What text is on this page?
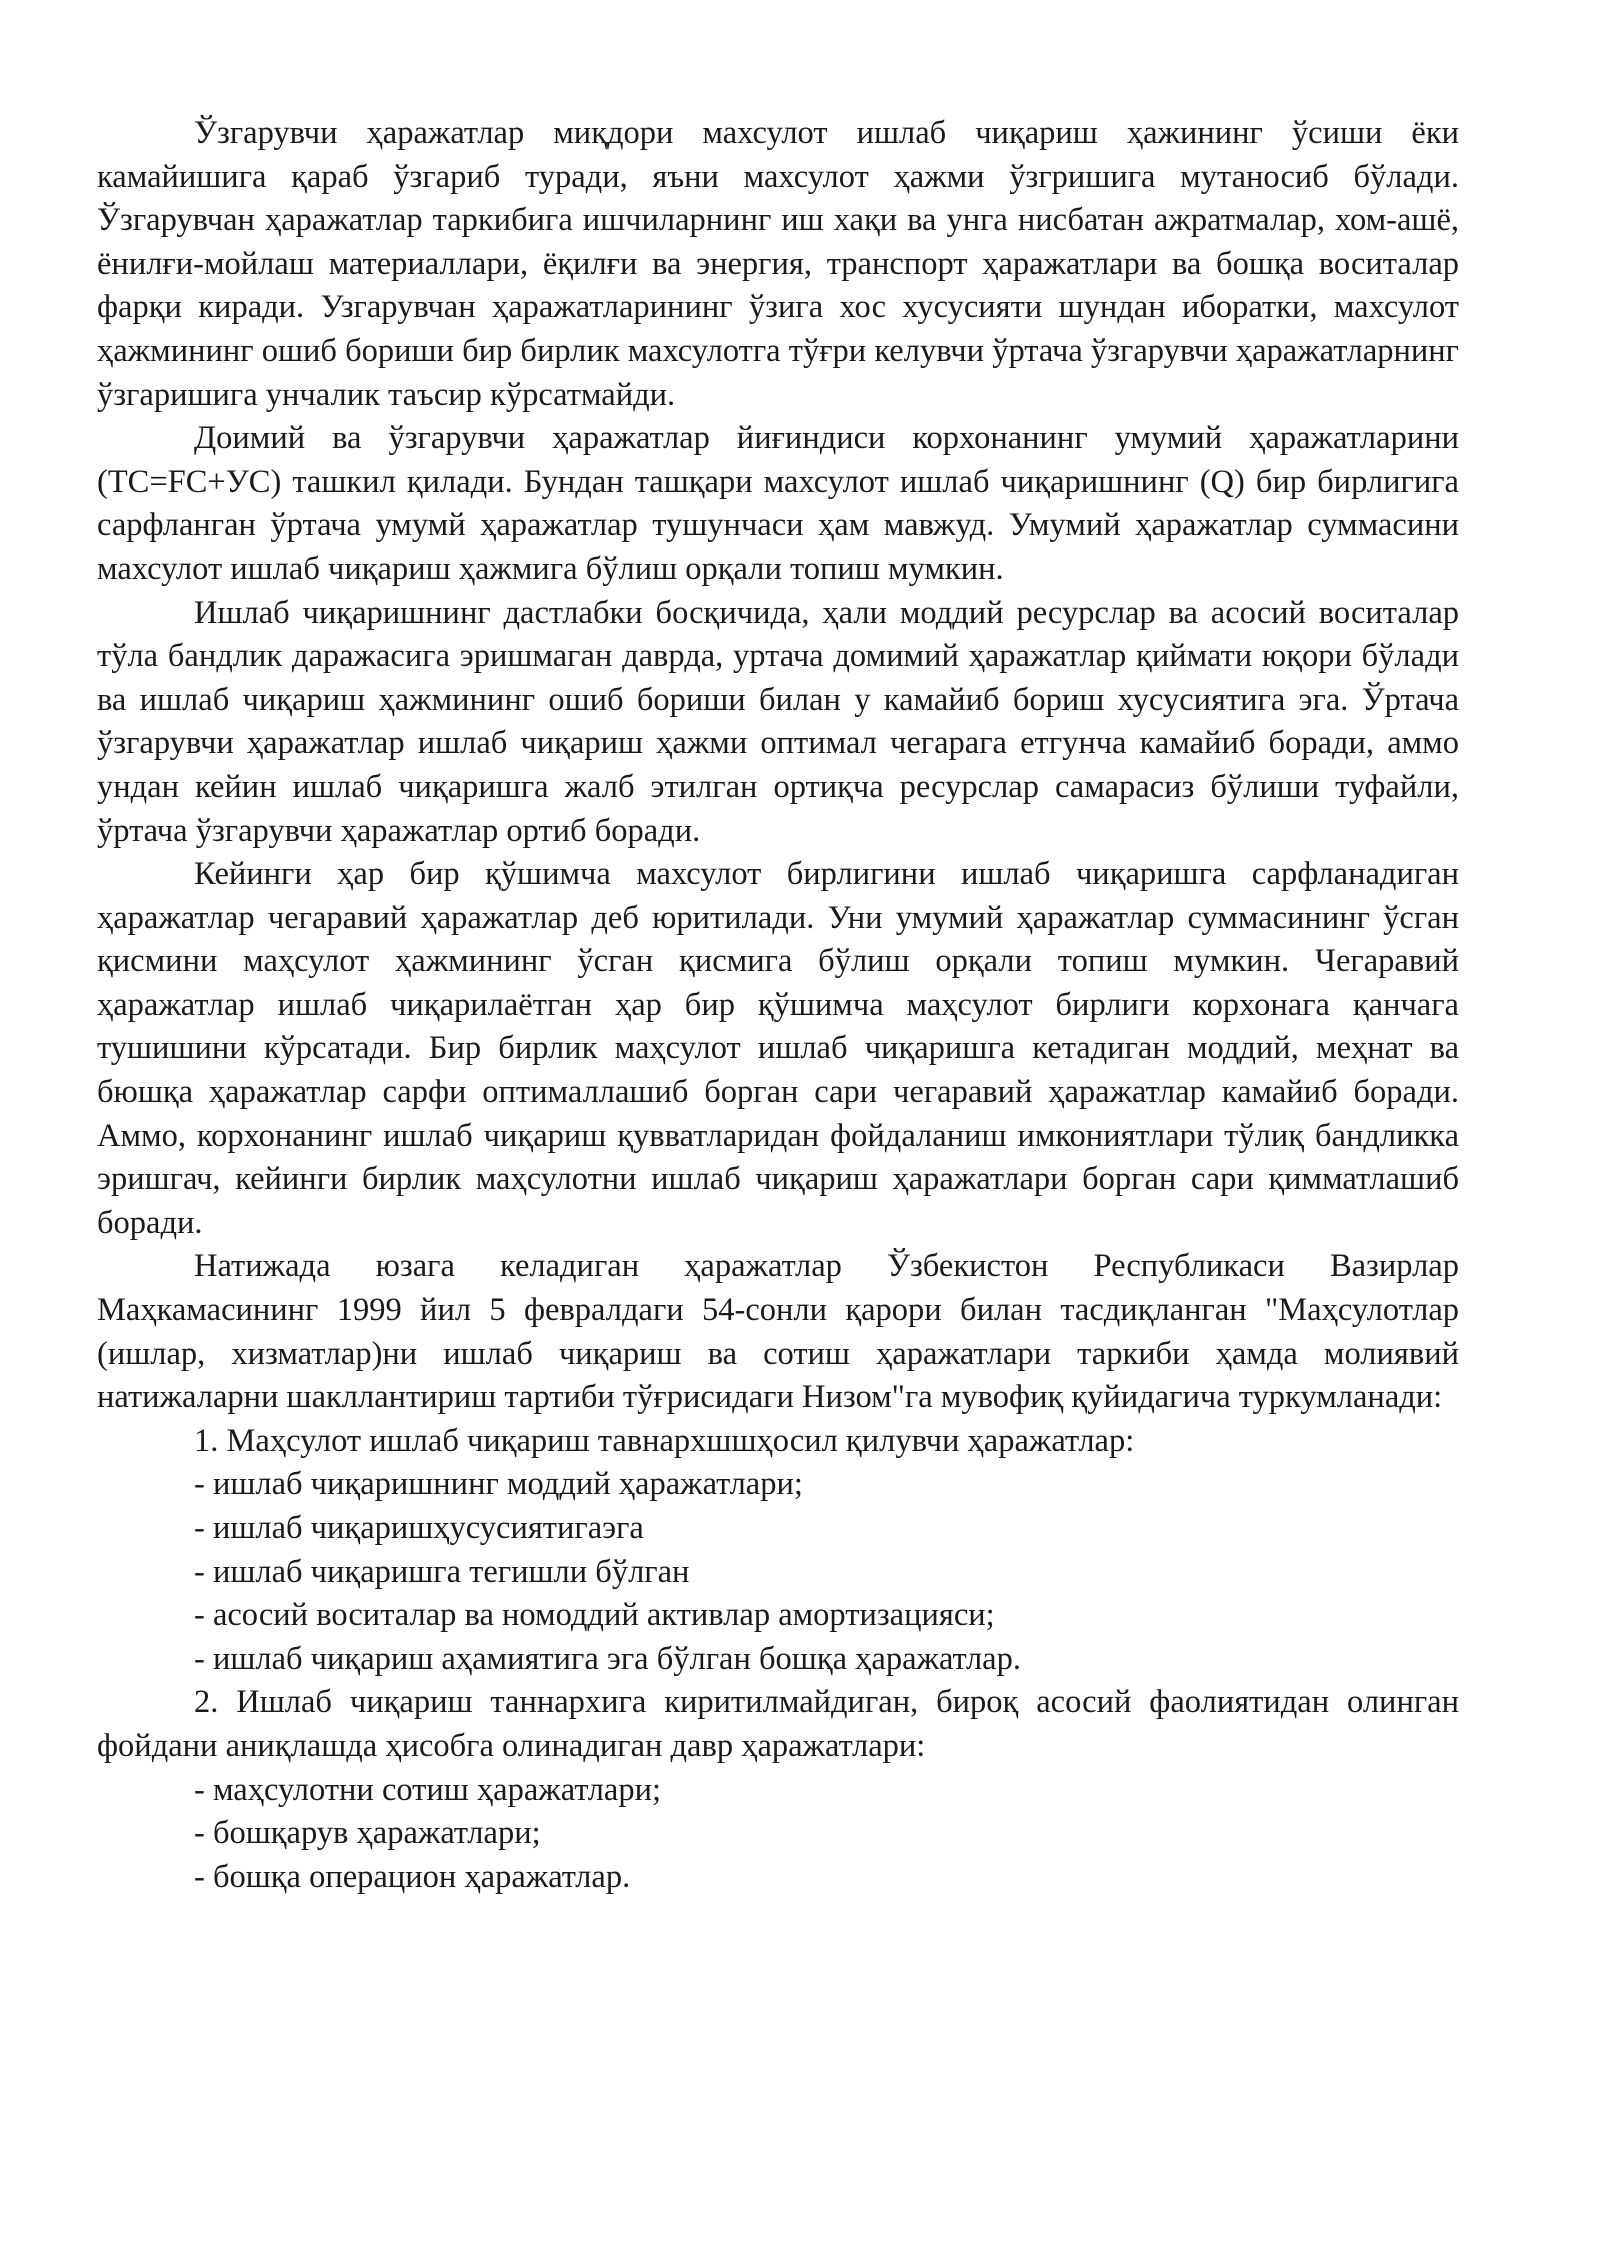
Ўзгарувчи ҳаражатлар миқдори махсулот ишлаб чиқариш ҳажининг ўсиши ёки камайишига қараб ўзгариб туради, яъни махсулот ҳажми ўзгришига мутаносиб бўлади. Ўзгарувчан ҳаражатлар таркибига ишчиларнинг иш хақи ва унга нисбатан ажратмалар, хом-ашё, ёнилғи-мойлаш материаллари, ёқилғи ва энергия, транспорт ҳаражатлари ва бошқа воситалар фарқи киради. Узгарувчан ҳаражатларининг ўзига хос хусусияти шундан иборатки, махсулот ҳажмининг ошиб бориши бир бирлик махсулотга тўғри келувчи ўртача ўзгарувчи ҳаражатларнинг ўзгаришига унчалик таъсир кўрсатмайди.

Доимий ва ўзгарувчи ҳаражатлар йиғиндиси корхонанинг умумий ҳаражатларини (TC=FC+УС) ташкил қилади. Бундан ташқари махсулот ишлаб чиқаришнинг (Q) бир бирлигига сарфланган ўртача умумй ҳаражатлар тушунчаси ҳам мавжуд. Умумий ҳаражатлар суммасини махсулот ишлаб чиқариш ҳажмига бўлиш орқали топиш мумкин.

Ишлаб чиқаришнинг дастлабки босқичида, ҳали моддий ресурслар ва асосий воситалар тўла бандлик даражасига эришмаган даврда, уртача домимий ҳаражатлар қиймати юқори бўлади ва ишлаб чиқариш ҳажмининг ошиб бориши билан у камайиб бориш хусусиятига эга. Ўртача ўзгарувчи ҳаражатлар ишлаб чиқариш ҳажми оптимал чегарага етгунча камайиб боради, аммо ундан кейин ишлаб чиқаришга жалб этилган ортиқча ресурслар самарасиз бўлиши туфайли, ўртача ўзгарувчи ҳаражатлар ортиб боради.

Кейинги ҳар бир қўшимча махсулот бирлигини ишлаб чиқаришга сарфланадиган ҳаражатлар чегаравий ҳаражатлар деб юритилади. Уни умумий ҳаражатлар суммасининг ўсган қисмини маҳсулот ҳажмининг ўсган қисмига бўлиш орқали топиш мумкин. Чегаравий ҳаражатлар ишлаб чиқарилаётган ҳар бир қўшимча маҳсулот бирлиги корхонага қанчага тушишини кўрсатади. Бир бирлик маҳсулот ишлаб чиқаришга кетадиган моддий, меҳнат ва бюшқа ҳаражатлар сарфи оптималлашиб борган сари чегаравий ҳаражатлар камайиб боради. Аммо, корхонанинг ишлаб чиқариш қувватларидан фойдаланиш имкониятлари тўлиқ бандликка эришгач, кейинги бирлик маҳсулотни ишлаб чиқариш ҳаражатлари борган сари қимматлашиб боради.

Натижада юзага келадиган ҳаражатлар Ўзбекистон Республикаси Вазирлар Маҳкамасининг 1999 йил 5 февралдаги 54-сонли қарори билан тасдиқланган "Маҳсулотлар (ишлар, хизматлар)ни ишлаб чиқариш ва сотиш ҳаражатлари таркиби ҳамда молиявий натижаларни шакллантириш тартиби тўғрисидаги Низом"га мувофиқ қуйидагича туркумланади:

1. Маҳсулот ишлаб чиқариш тавнархшшҳосил қилувчи ҳаражатлар:

- ишлаб чиқаришнинг моддий ҳаражатлари;

- ишлаб чиқаришҳусусиятигаэга

- ишлаб чиқаришга тегишли бўлган

- асосий воситалар ва номоддий активлар амортизацияси;

- ишлаб чиқариш аҳамиятига эга бўлган бошқа ҳаражатлар.

2. Ишлаб чиқариш таннархига киритилмайдиган, бироқ асосий фаолиятидан олинган фойдани аниқлашда ҳисобга олинадиган давр ҳаражатлари:

- маҳсулотни сотиш ҳаражатлари;

- бошқарув ҳаражатлари;

- бошқа операцион ҳаражатлар.
